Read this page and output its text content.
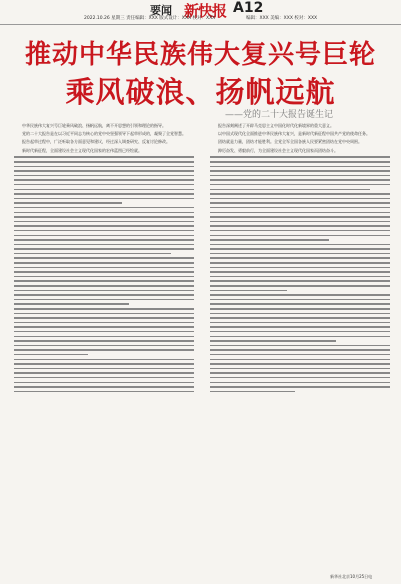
要闻 新快报 A12
2022.10.26 星期三 责任编辑：XXX 版式设计：XXX 校对：XXX	编辑：XXX 美编：XXX 校对：XXX
推动中华民族伟大复兴号巨轮
乘风破浪、扬帆远航
——党的二十大报告诞生记

中华民族伟大复兴号巨轮乘风破浪、扬帆远航，离不开思想的引领和理论的指导。

党的二十大报告是在以习近平同志为核心的党中央坚强领导下起草形成的，凝聚了全党智慧。

报告起草过程中，广泛听取各方面意见和建议，经过深入调查研究、反复讨论修改。

新时代新征程，全面建设社会主义现代化国家的宏伟蓝图已经绘就。

报告深刻阐述了开辟马克思主义中国化时代化新境界的重大意义。

以中国式现代化全面推进中华民族伟大复兴，是新时代新征程中国共产党的使命任务。

团结就是力量，团结才能胜利。全党全军全国各族人民要紧密团结在党中央周围。

踔厉奋发、勇毅前行，为全面建设社会主义现代化国家而团结奋斗。

新华社北京10月25日电
